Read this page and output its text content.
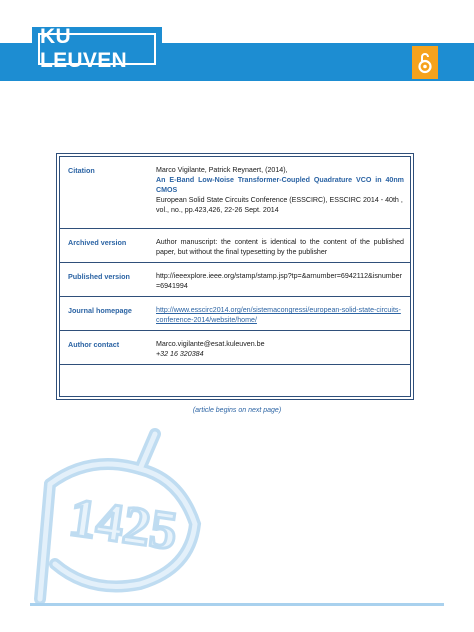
KU LEUVEN
Citation	Marco Vigilante, Patrick Reynaert, (2014),
An E-Band Low-Noise Transformer-Coupled Quadrature VCO in 40nm CMOS
European Solid State Circuits Conference (ESSCIRC), ESSCIRC 2014 - 40th , vol., no., pp.423,426, 22-26 Sept. 2014
Archived version	Author manuscript: the content is identical to the content of the published paper, but without the final typesetting by the publisher
Published version	http://ieeexplore.ieee.org/stamp/stamp.jsp?tp=&arnumber=6942112&isnumber=6941994
Journal homepage	http://www.esscirc2014.org/en/sistemacongressi/european-solid-state-circuits-conference-2014/website/home/
Author contact	Marco.vigilante@esat.kuleuven.be
+32 16 320384
(article begins on next page)
1425
